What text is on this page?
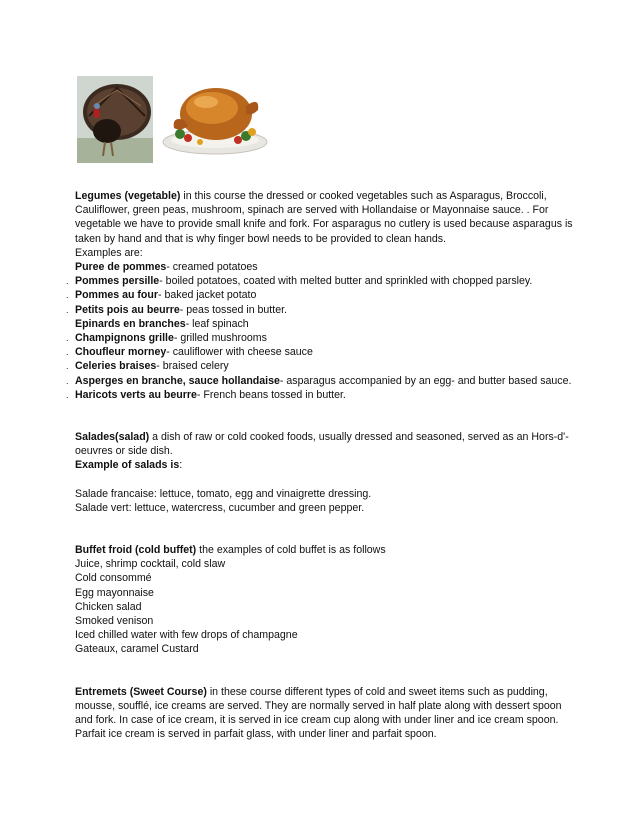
Legumes (vegetable) in this course the dressed or cooked vegetables such as Asparagus, Broccoli, Cauliflower, green peas, mushroom, spinach are served with Hollandaise or Mayonnaise sauce. . For vegetable we have to provide small knife and fork. For asparagus no cutlery is used because asparagus is taken by hand and that is why finger bowl needs to be provided to clean hands.

Examples are:

Puree de pommes- creamed potatoes

. Pommes persille- boiled potatoes, coated with melted butter and sprinkled with chopped parsley.

. Pommes au four- baked jacket potato

. Petits pois au beurre- peas tossed in butter.

Epinards en branches- leaf spinach

. Champignons grille- grilled mushrooms

. Choufleur morney- cauliflower with cheese sauce

. Celeries braises- braised celery

. Asperges en branche, sauce hollandaise- asparagus accompanied by an egg- and butter based sauce.

. Haricots verts au beurre- French beans tossed in butter.

Salades(salad) a dish of raw or cold cooked foods, usually dressed and seasoned, served as an Hors-d'-oeuvres or side dish.

Example of salads is:

Salade francaise: lettuce, tomato, egg and vinaigrette dressing.

Salade vert: lettuce, watercress, cucumber and green pepper.

Buffet froid (cold buffet) the examples of cold buffet is as follows

Juice, shrimp cocktail, cold slaw

Cold consommé

Egg mayonnaise

Chicken salad

Smoked venison

Iced chilled water with few drops of champagne

Gateaux, caramel Custard

Entremets (Sweet Course) in these course different types of cold and sweet items such as pudding, mousse, soufflé, ice creams are served. They are normally served in half plate along with dessert spoon and fork. In case of ice cream, it is served in ice cream cup along with under liner and ice cream spoon. Parfait ice cream is served in parfait glass, with under liner and parfait spoon.
